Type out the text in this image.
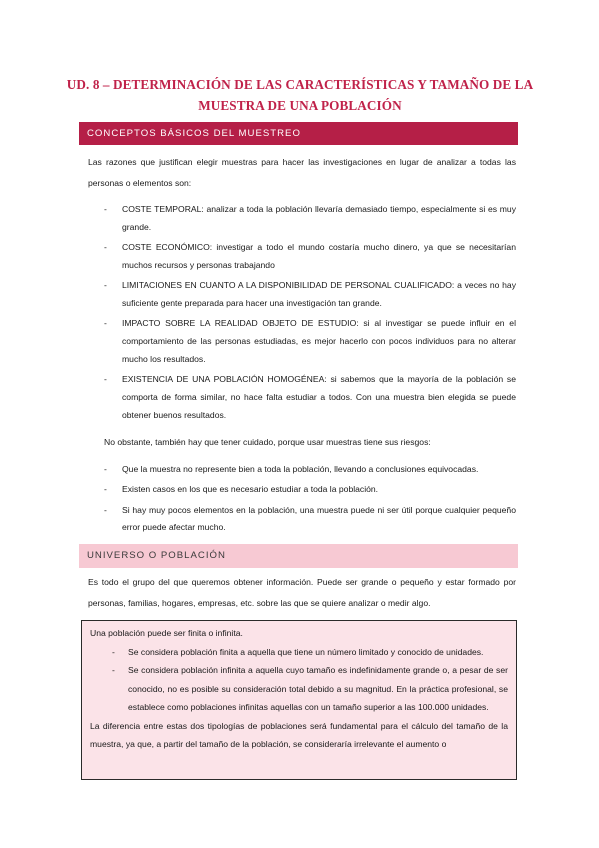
UD. 8 – DETERMINACIÓN DE LAS CARACTERÍSTICAS Y TAMAÑO DE LA MUESTRA DE UNA POBLACIÓN
CONCEPTOS BÁSICOS DEL MUESTREO
Las razones que justifican elegir muestras para hacer las investigaciones en lugar de analizar a todas las personas o elementos son:
- COSTE TEMPORAL: analizar a toda la población llevaría demasiado tiempo, especialmente si es muy grande.
- COSTE ECONÓMICO: investigar a todo el mundo costaría mucho dinero, ya que se necesitarían muchos recursos y personas trabajando
- LIMITACIONES EN CUANTO A LA DISPONIBILIDAD DE PERSONAL CUALIFICADO: a veces no hay suficiente gente preparada para hacer una investigación tan grande.
- IMPACTO SOBRE LA REALIDAD OBJETO DE ESTUDIO: si al investigar se puede influir en el comportamiento de las personas estudiadas, es mejor hacerlo con pocos individuos para no alterar mucho los resultados.
- EXISTENCIA DE UNA POBLACIÓN HOMOGÉNEA: si sabemos que la mayoría de la población se comporta de forma similar, no hace falta estudiar a todos. Con una muestra bien elegida se puede obtener buenos resultados.
No obstante, también hay que tener cuidado, porque usar muestras tiene sus riesgos:
- Que la muestra no represente bien a toda la población, llevando a conclusiones equivocadas.
- Existen casos en los que es necesario estudiar a toda la población.
- Si hay muy pocos elementos en la población, una muestra puede ni ser útil porque cualquier pequeño error puede afectar mucho.
UNIVERSO O POBLACIÓN
Es todo el grupo del que queremos obtener información. Puede ser grande o pequeño y estar formado por personas, familias, hogares, empresas, etc. sobre las que se quiere analizar o medir algo.
Una población puede ser finita o infinita.
- Se considera población finita a aquella que tiene un número limitado y conocido de unidades.
- Se considera población infinita a aquella cuyo tamaño es indefinidamente grande o, a pesar de ser conocido, no es posible su consideración total debido a su magnitud. En la práctica profesional, se establece como poblaciones infinitas aquellas con un tamaño superior a las 100.000 unidades.
La diferencia entre estas dos tipologías de poblaciones será fundamental para el cálculo del tamaño de la muestra, ya que, a partir del tamaño de la población, se consideraría irrelevante el aumento o
